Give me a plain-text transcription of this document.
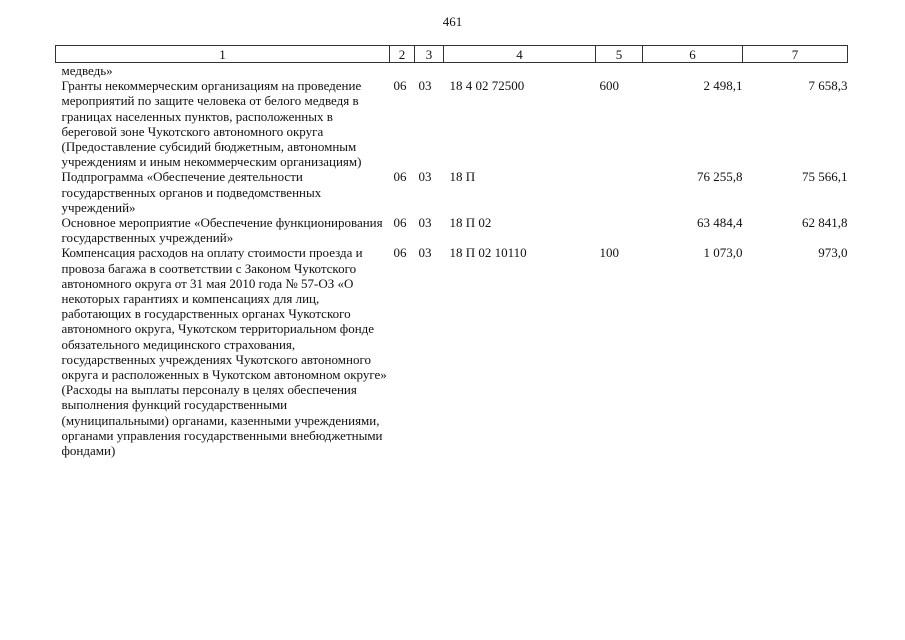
461
1	2	3	4	5	6	7
медведь»						
Гранты некоммерческим организациям на проведение мероприятий по защите человека от белого медведя в границах населенных пунктов, расположенных в береговой зоне Чукотского автономного округа (Предоставление субсидий бюджетным, автономным учреждениям и иным некоммерческим организациям)	06	03	18 4 02 72500	600	2 498,1	7 658,3
Подпрограмма «Обеспечение деятельности государственных органов и подведомственных учреждений»	06	03	18 П		76 255,8	75 566,1
Основное мероприятие «Обеспечение функционирования государственных учреждений»	06	03	18 П 02		63 484,4	62 841,8
Компенсация расходов на оплату стоимости проезда и провоза багажа в соответствии с Законом Чукотского автономного округа от 31 мая 2010 года № 57-ОЗ «О некоторых гарантиях и компенсациях для лиц, работающих в государственных органах Чукотского автономного округа, Чукотском территориальном фонде обязательного медицинского страхования, государственных учреждениях Чукотского автономного округа и расположенных в Чукотском автономном округе» (Расходы на выплаты персоналу в целях обеспечения выполнения функций государственными (муниципальными) органами, казенными учреждениями, органами управления государственными внебюджетными фондами)	06	03	18 П 02 10110	100	1 073,0	973,0
